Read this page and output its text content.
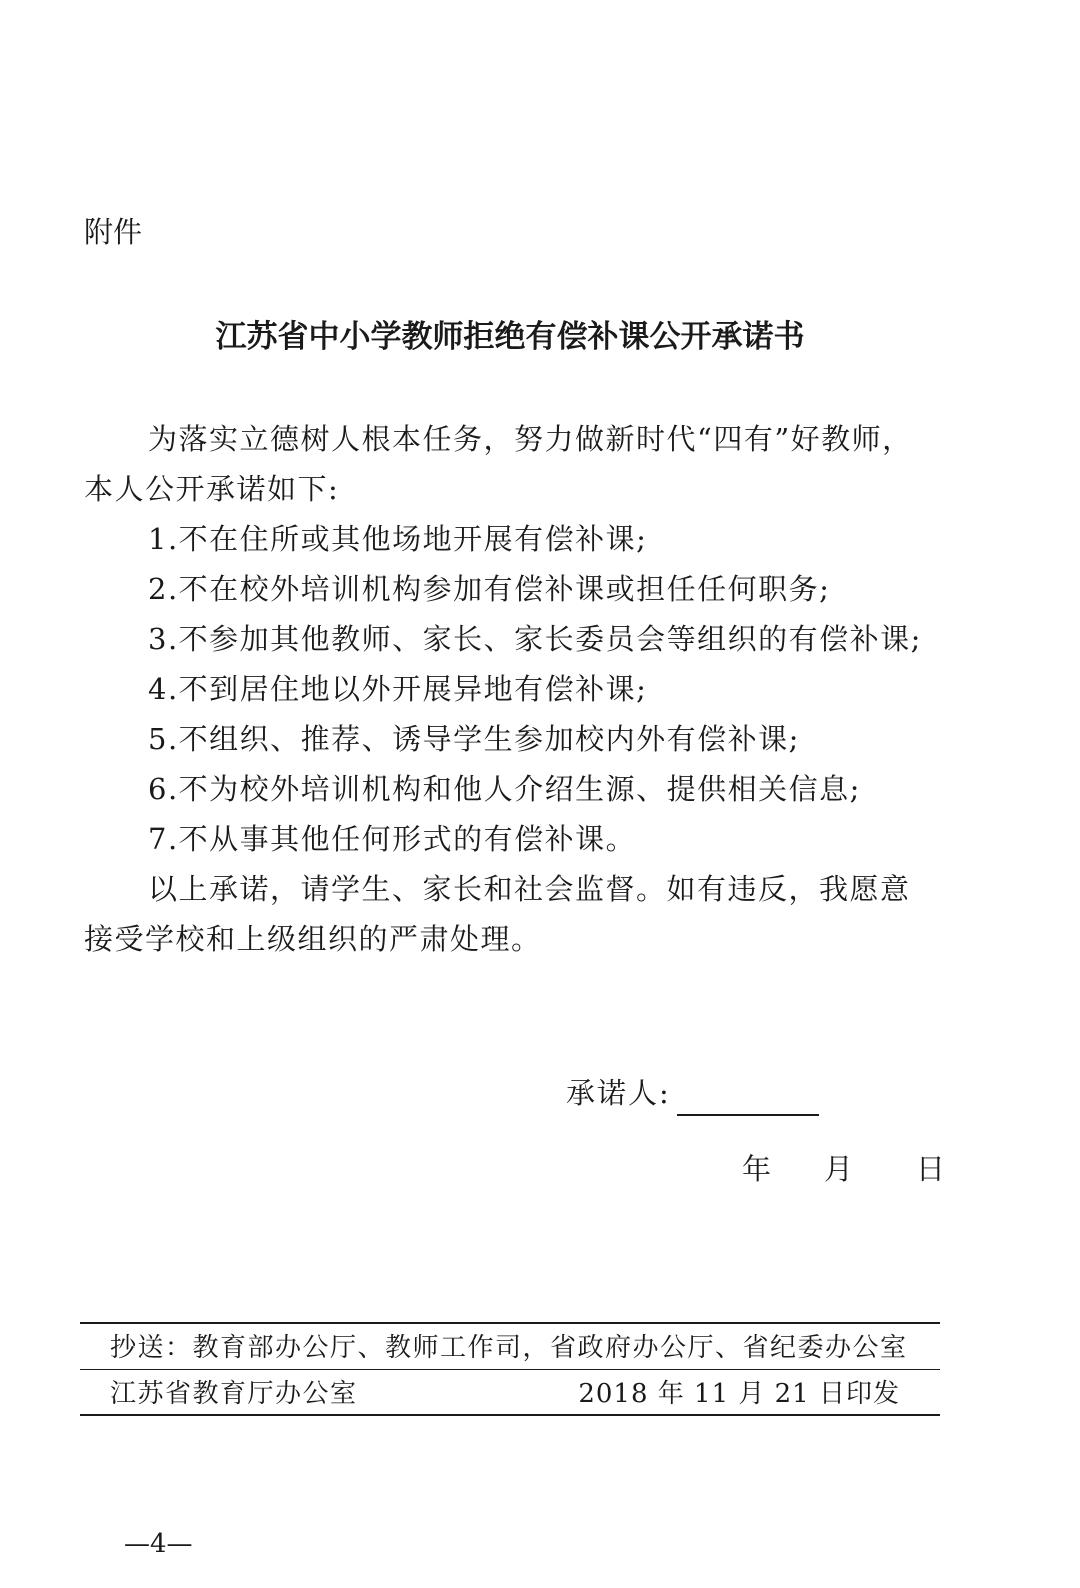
附件
江苏省中小学教师拒绝有偿补课公开承诺书
为落实立德树人根本任务，努力做新时代“四有”好教师，
本人公开承诺如下:
1.不在住所或其他场地开展有偿补课;
2.不在校外培训机构参加有偿补课或担任任何职务;
3.不参加其他教师、家长、家长委员会等组织的有偿补课;
4.不到居住地以外开展异地有偿补课;
5.不组织、推荐、诱导学生参加校内外有偿补课;
6.不为校外培训机构和他人介绍生源、提供相关信息;
7.不从事其他任何形式的有偿补课。
以上承诺，请学生、家长和社会监督。如有违反，我愿意
接受学校和上级组织的严肃处理。
承诺人:
年	月	日
抄送：教育部办公厅、教师工作司，省政府办公厅、省纪委办公室
江苏省教育厅办公室	2018 年 11 月 21 日印发
—4—
